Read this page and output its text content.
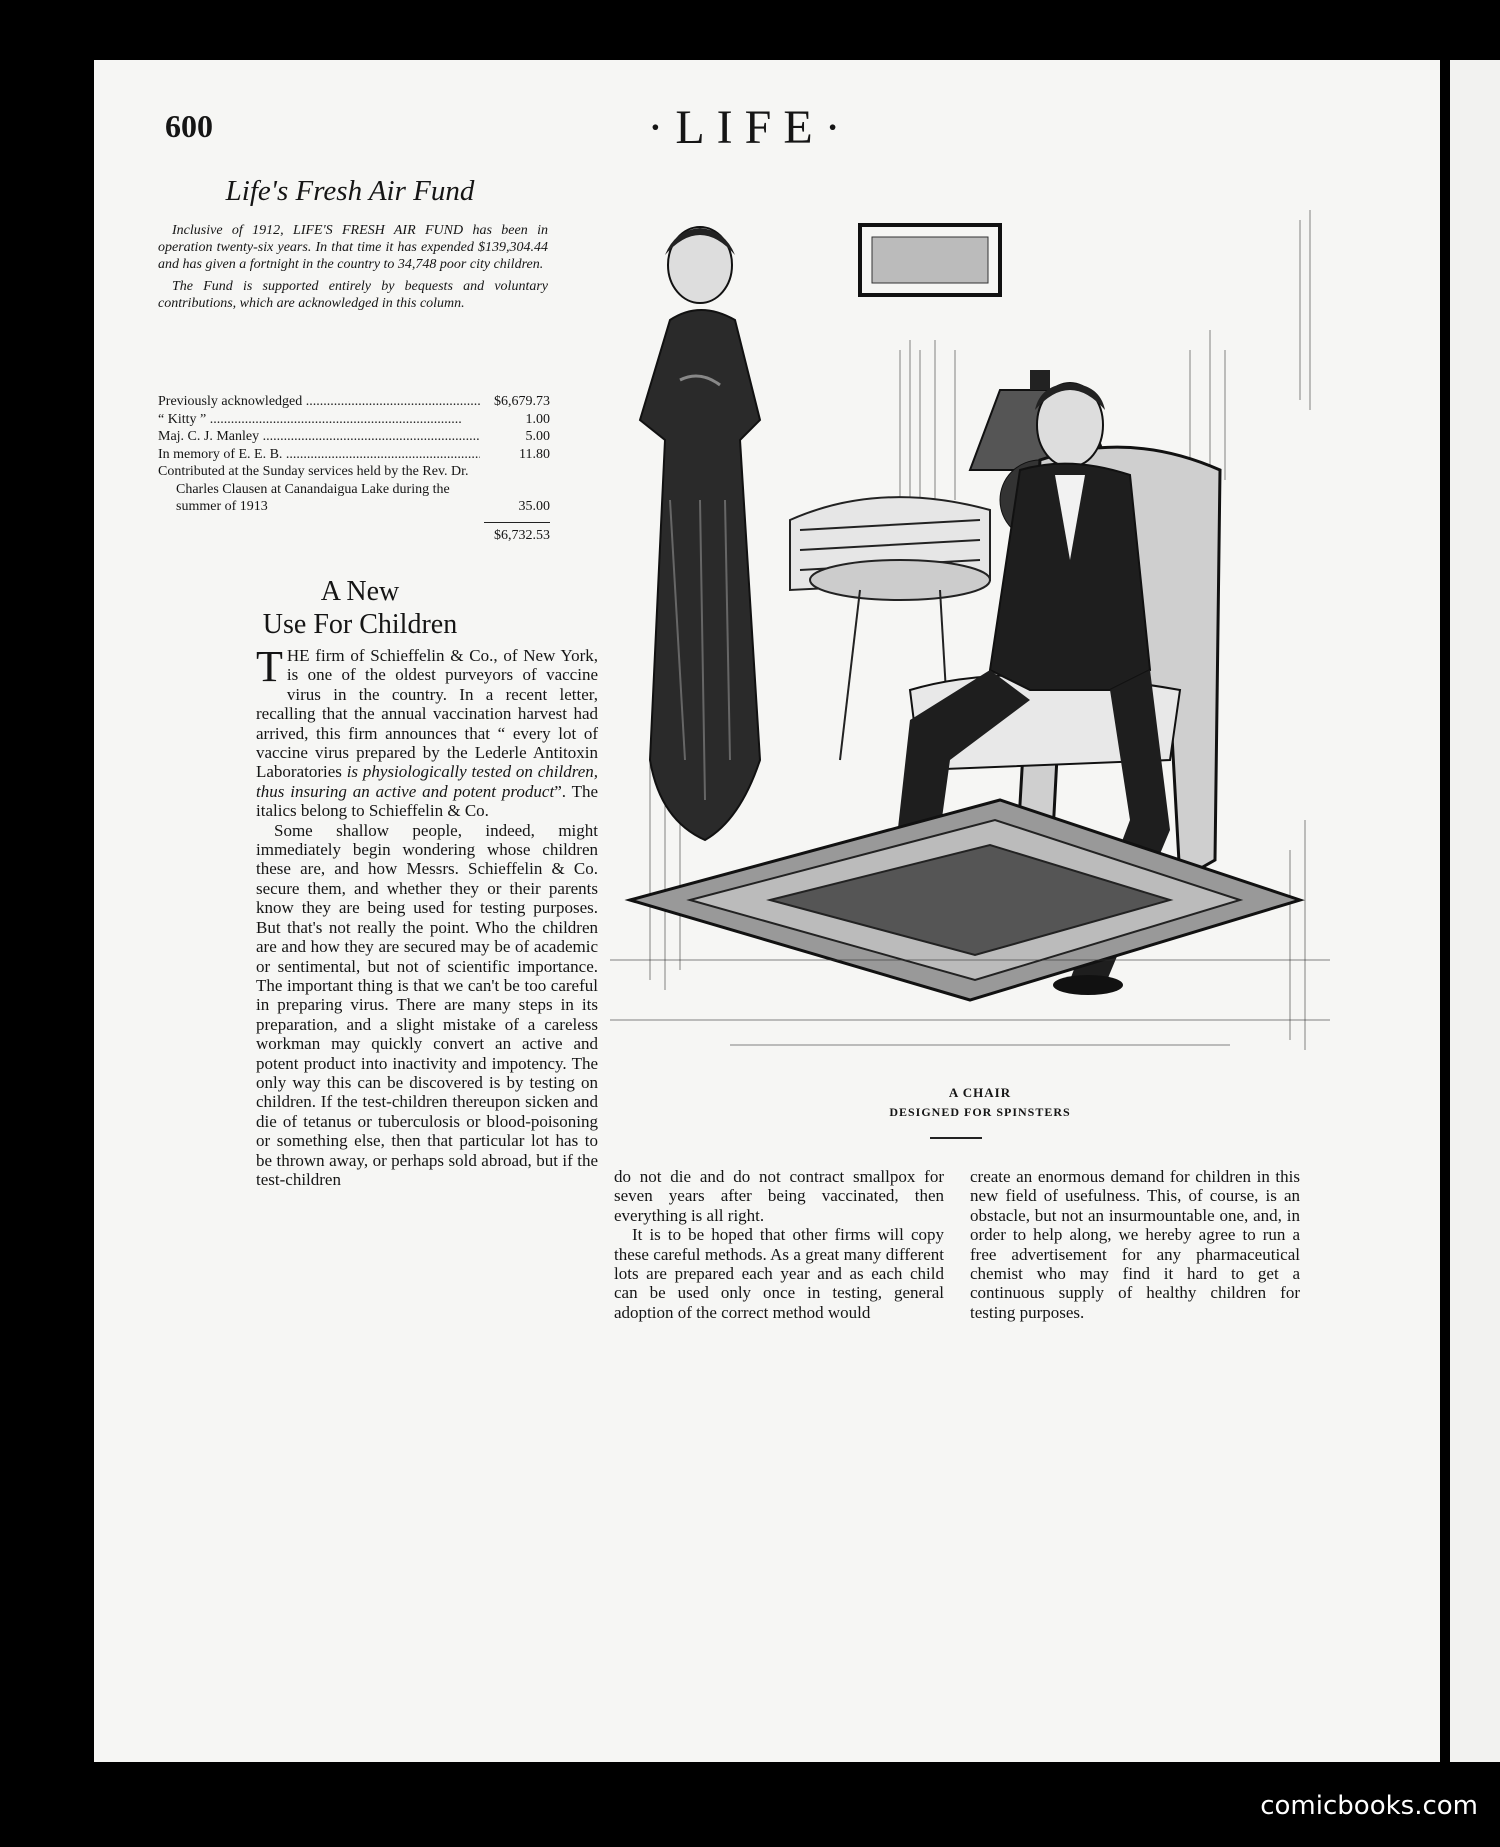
600	·LIFE·
Life's Fresh Air Fund

Inclusive of 1912, LIFE'S FRESH AIR FUND has been in operation twenty-six years. In that time it has expended $139,304.44 and has given a fortnight in the country to 34,748 poor city children.

The Fund is supported entirely by bequests and voluntary contributions, which are acknowledged in this column.

Previously acknowledged .....	$6,679.73
“ Kitty ” .....	1.00
Maj. C. J. Manley .....	5.00
In memory of E. E. B. .....	11.80
Contributed at the Sunday services held by the Rev. Dr. Charles Clausen at Canandaigua Lake during the summer of 1913	35.00
$6,732.53
A New
Use For Children

THE firm of Schieffelin & Co., of New York, is one of the oldest purveyors of vaccine virus in the country. In a recent letter, recalling that the annual vaccination harvest had arrived, this firm announces that “ every lot of vaccine virus prepared by the Lederle Antitoxin Laboratories is physiologically tested on children, thus insuring an active and potent product”. The italics belong to Schieffelin & Co.

Some shallow people, indeed, might immediately begin wondering whose children these are, and how Messrs. Schieffelin & Co. secure them, and whether they or their parents know they are being used for testing purposes. But that's not really the point. Who the children are and how they are secured may be of academic or sentimental, but not of scientific importance. The important thing is that we can't be too careful in preparing virus. There are many steps in its preparation, and a slight mistake of a careless workman may quickly convert an active and potent product into inactivity and impotency. The only way this can be discovered is by testing on children. If the test-children thereupon sicken and die of tetanus or tuberculosis or blood-poisoning or something else, then that particular lot has to be thrown away, or perhaps sold abroad, but if the test-children	do not die and do not contract smallpox for seven years after being vaccinated, then everything is all right.

It is to be hoped that other firms will copy these careful methods. As a great many different lots are prepared each year and as each child can be used only once in testing, general adoption of the correct method would

create an enormous demand for children in this new field of usefulness. This, of course, is an obstacle, but not an insurmountable one, and, in order to help along, we hereby agree to run a free advertisement for any pharmaceutical chemist who may find it hard to get a continuous supply of healthy children for testing purposes.

A CHAIR
DESIGNED FOR SPINSTERS
comicbooks.com
